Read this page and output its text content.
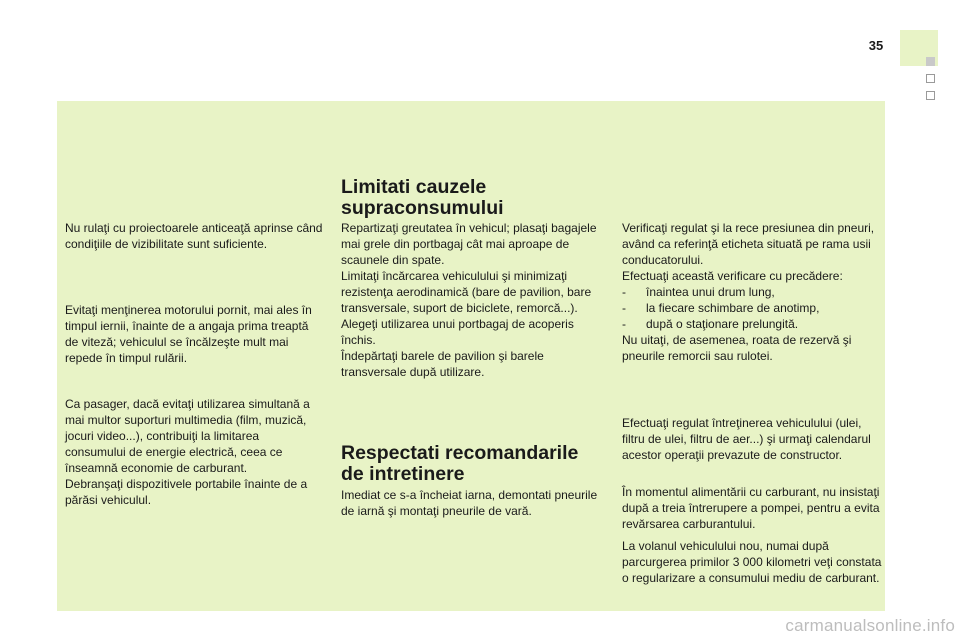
35

Nu rulaţi cu proiectoarele anticeaţă aprinse când condiţiile de vizibilitate sunt suficiente.

Evitaţi menţinerea motorului pornit, mai ales în timpul iernii, înainte de a angaja prima treaptă de viteză; vehiculul se încălzeşte mult mai repede în timpul rulării.

Ca pasager, dacă evitaţi utilizarea simultană a mai multor suporturi multimedia (film, muzică, jocuri video...), contribuiţi la limitarea consumului de energie electrică, ceea ce înseamnă economie de carburant.

Debranşaţi dispozitivele portabile înainte de a părăsi vehiculul.

Limitati cauzele
supraconsumului

Repartizaţi greutatea în vehicul; plasaţi bagajele mai grele din portbagaj cât mai aproape de scaunele din spate.

Limitaţi încărcarea vehiculului şi minimizaţi rezistenţa aerodinamică (bare de pavilion, bare transversale, suport de biciclete, remorcă...).

Alegeţi utilizarea unui portbagaj de acoperis închis.

Îndepărtaţi barele de pavilion şi barele transversale după utilizare.

Respectati recomandarile
de intretinere

Imediat ce s-a încheiat iarna, demontati pneurile de iarnă şi montaţi pneurile de vară.

Verificaţi regulat şi la rece presiunea din pneuri, având ca referinţă eticheta situată pe rama usii conducatorului.

Efectuaţi această verificare cu precădere:

-	înaintea unui drum lung,
-	la fiecare schimbare de anotimp,
-	după o staţionare prelungită.

Nu uitaţi, de asemenea, roata de rezervă şi pneurile remorcii sau rulotei.

Efectuaţi regulat întreţinerea vehiculului (ulei, filtru de ulei, filtru de aer...) şi urmaţi calendarul acestor operaţii prevazute de constructor.

În momentul alimentării cu carburant, nu insistaţi după a treia întrerupere a pompei, pentru a evita revărsarea carburantului.

La volanul vehiculului nou, numai după parcurgerea primilor 3 000 kilometri veţi constata o regularizare a consumului mediu de carburant.

carmanualsonline.info
